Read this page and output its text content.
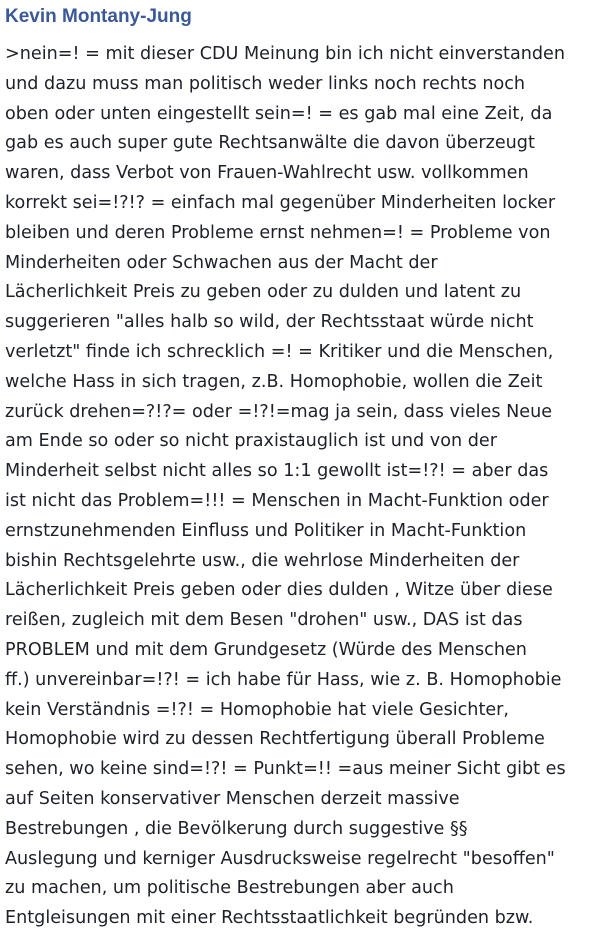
Kevin Montany-Jung
>nein=! = mit dieser CDU Meinung bin ich nicht einverstanden
und dazu muss man politisch weder links noch rechts noch
oben oder unten eingestellt sein=! = es gab mal eine Zeit, da
gab es auch super gute Rechtsanwälte die davon überzeugt
waren, dass Verbot von Frauen-Wahlrecht usw. vollkommen
korrekt sei=!?!? = einfach mal gegenüber Minderheiten locker
bleiben und deren Probleme ernst nehmen=! = Probleme von
Minderheiten oder Schwachen aus der Macht der
Lächerlichkeit Preis zu geben oder zu dulden und latent zu
suggerieren "alles halb so wild, der Rechtsstaat würde nicht
verletzt" finde ich schrecklich =! = Kritiker und die Menschen,
welche Hass in sich tragen, z.B. Homophobie, wollen die Zeit
zurück drehen=?!?= oder =!?!=mag ja sein, dass vieles Neue
am Ende so oder so nicht praxistauglich ist und von der
Minderheit selbst nicht alles so 1:1 gewollt ist=!?! = aber das
ist nicht das Problem=!!! = Menschen in Macht-Funktion oder
ernstzunehmenden Einfluss und Politiker in Macht-Funktion
bishin Rechtsgelehrte usw., die wehrlose Minderheiten der
Lächerlichkeit Preis geben oder dies dulden , Witze über diese
reißen, zugleich mit dem Besen "drohen" usw., DAS ist das
PROBLEM und mit dem Grundgesetz (Würde des Menschen
ff.) unvereinbar=!?! = ich habe für Hass, wie z. B. Homophobie
kein Verständnis =!?! = Homophobie hat viele Gesichter,
Homophobie wird zu dessen Rechtfertigung überall Probleme
sehen, wo keine sind=!?! = Punkt=!! =aus meiner Sicht gibt es
auf Seiten konservativer Menschen derzeit massive
Bestrebungen , die Bevölkerung durch suggestive §§
Auslegung und kerniger Ausdrucksweise regelrecht "besoffen"
zu machen, um politische Bestrebungen aber auch
Entgleisungen mit einer Rechtsstaatlichkeit begründen bzw.
